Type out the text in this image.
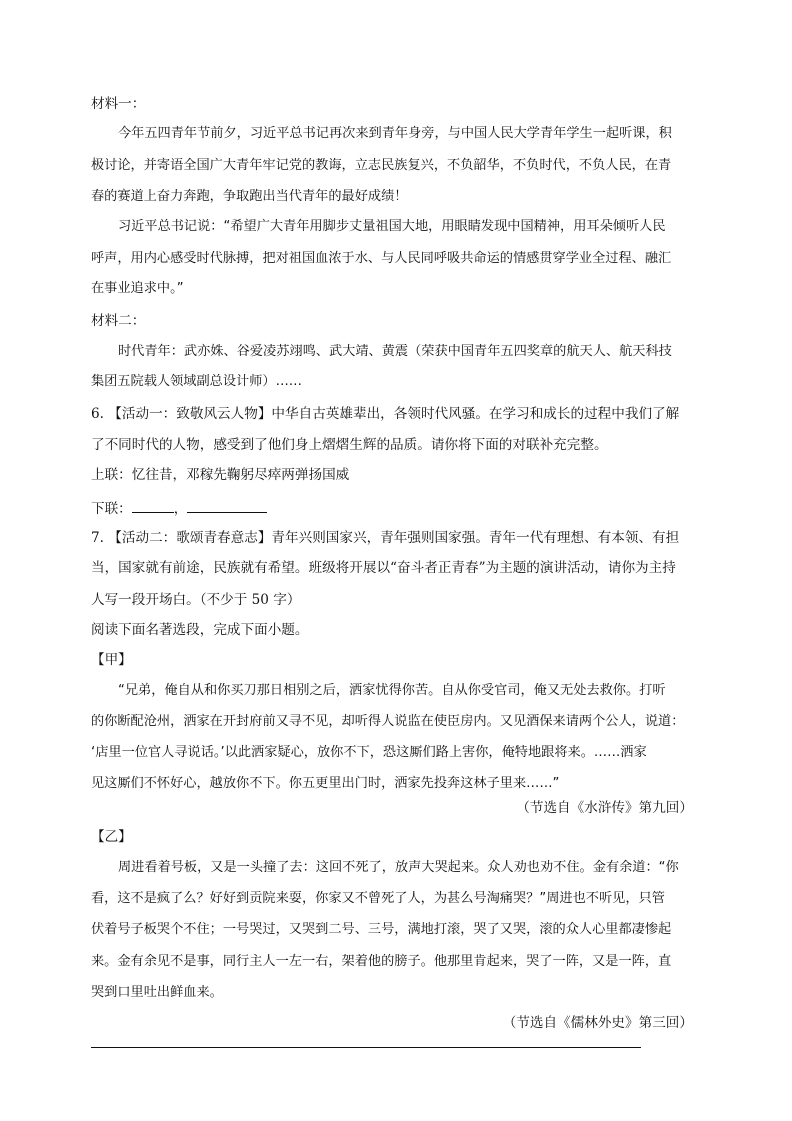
材料一：
今年五四青年节前夕，习近平总书记再次来到青年身旁，与中国人民大学青年学生一起听课，积
极讨论，并寄语全国广大青年牢记党的教诲，立志民族复兴，不负韶华，不负时代，不负人民，在青
春的赛道上奋力奔跑，争取跑出当代青年的最好成绩！
习近平总书记说：“希望广大青年用脚步丈量祖国大地，用眼睛发现中国精神，用耳朵倾听人民
呼声，用内心感受时代脉搏，把对祖国血浓于水、与人民同呼吸共命运的情感贯穿学业全过程、融汇
在事业追求中。”
材料二：
时代青年：武亦姝、谷爱凌苏翊鸣、武大靖、黄震（荣获中国青年五四奖章的航天人、航天科技
集团五院载人领域副总设计师）……
6. 【活动一：致敬风云人物】中华自古英雄辈出，各领时代风骚。在学习和成长的过程中我们了解
了不同时代的人物，感受到了他们身上熠熠生辉的品质。请你将下面的对联补充完整。
上联：忆往昔，邓稼先鞠躬尽瘁两弹扬国威
下联：	，
7. 【活动二：歌颂青春意志】青年兴则国家兴，青年强则国家强。青年一代有理想、有本领、有担
当，国家就有前途，民族就有希望。班级将开展以“奋斗者正青春”为主题的演讲活动，请你为主持
人写一段开场白。（不少于 50 字）
阅读下面名著选段，完成下面小题。
【甲】
“兄弟，俺自从和你买刀那日相别之后，洒家忧得你苦。自从你受官司，俺又无处去救你。打听
的你断配沧州，洒家在开封府前又寻不见，却听得人说监在使臣房内。又见酒保来请两个公人，说道：
‘店里一位官人寻说话。’以此洒家疑心，放你不下，恐这厮们路上害你，俺特地跟将来。……洒家
见这厮们不怀好心，越放你不下。你五更里出门时，洒家先投奔这林子里来……”
（节选自《水浒传》第九回）
【乙】
周进看着号板，又是一头撞了去：这回不死了，放声大哭起来。众人劝也劝不住。金有余道：“你
看，这不是疯了么？好好到贡院来耍，你家又不曾死了人，为甚么号淘痛哭？”周进也不听见，只管
伏着号子板哭个不住；一号哭过，又哭到二号、三号，满地打滚，哭了又哭，滚的众人心里都凄惨起
来。金有余见不是事，同行主人一左一右，架着他的膀子。他那里肯起来，哭了一阵，又是一阵，直
哭到口里吐出鲜血来。
（节选自《儒林外史》第三回）
